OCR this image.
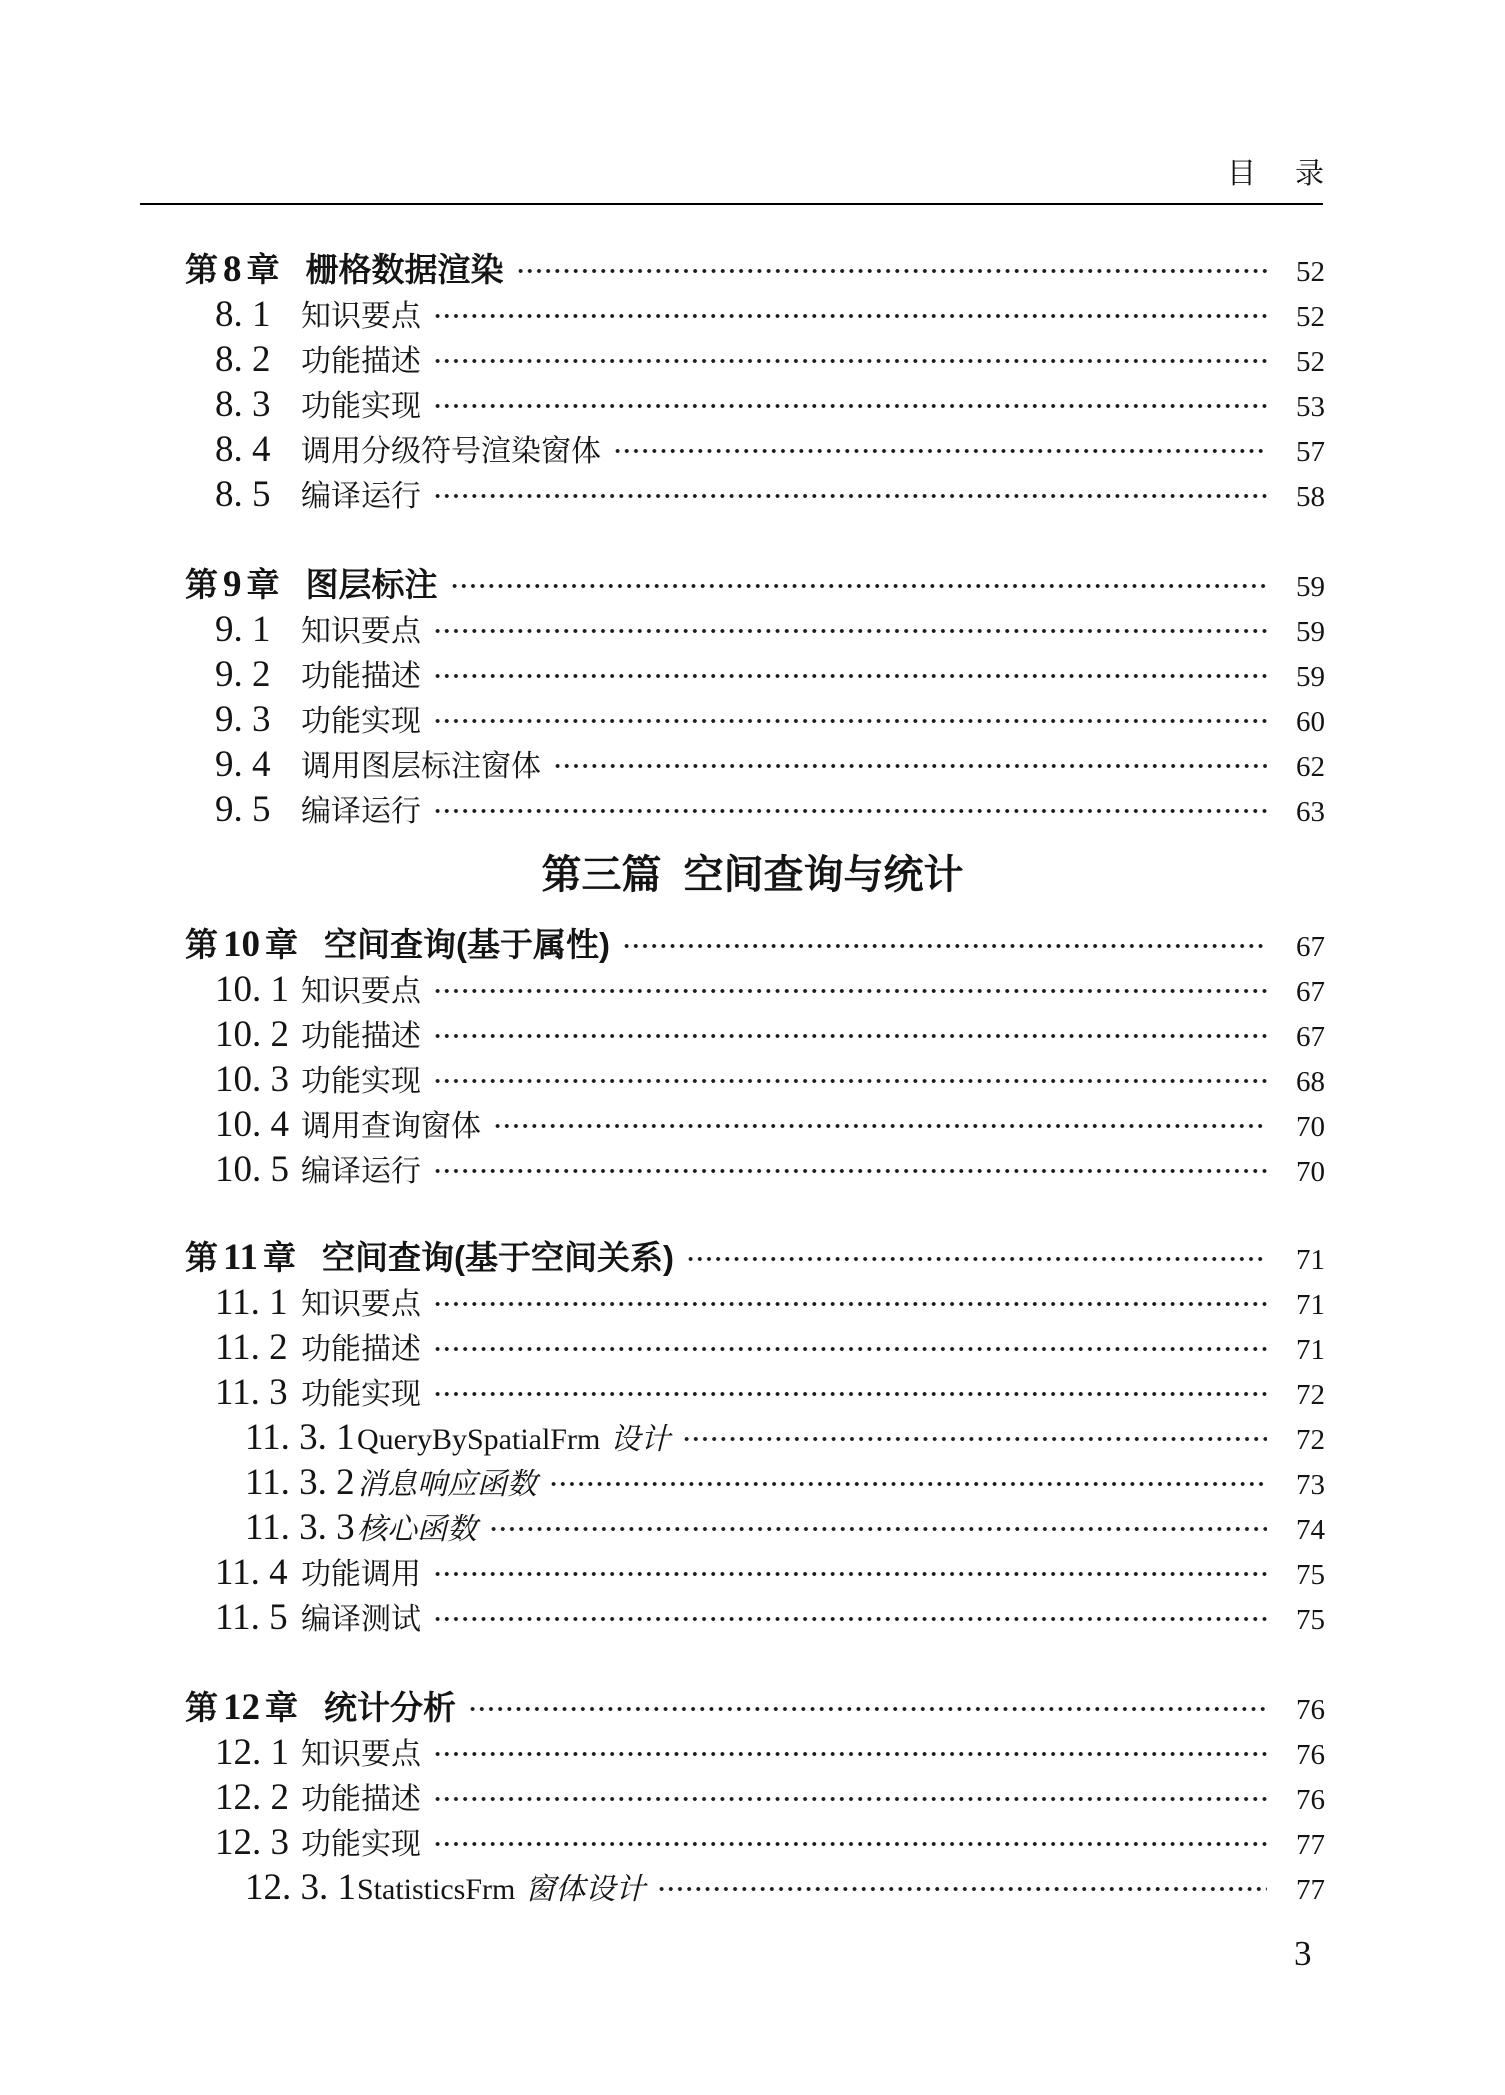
目　录
第 8 章 栅格数据渲染	52
8. 1	知识要点	52
8. 2	功能描述	52
8. 3	功能实现	53
8. 4	调用分级符号渲染窗体	57
8. 5	编译运行	58
第 9 章 图层标注	59
9. 1	知识要点	59
9. 2	功能描述	59
9. 3	功能实现	60
9. 4	调用图层标注窗体	62
9. 5	编译运行	63
第三篇 空间查询与统计
第 10 章 空间查询(基于属性)	67
10. 1 知识要点	67
10. 2 功能描述	67
10. 3 功能实现	68
10. 4 调用查询窗体	70
10. 5 编译运行	70
第 11 章 空间查询(基于空间关系)	71
11. 1 知识要点	71
11. 2 功能描述	71
11. 3 功能实现	72
11. 3. 1 QueryBySpatialFrm 设计	72
11. 3. 2 消息响应函数	73
11. 3. 3 核心函数	74
11. 4 功能调用	75
11. 5 编译测试	75
第 12 章 统计分析	76
12. 1 知识要点	76
12. 2 功能描述	76
12. 3 功能实现	77
12. 3. 1 StatisticsFrm 窗体设计	77
3
